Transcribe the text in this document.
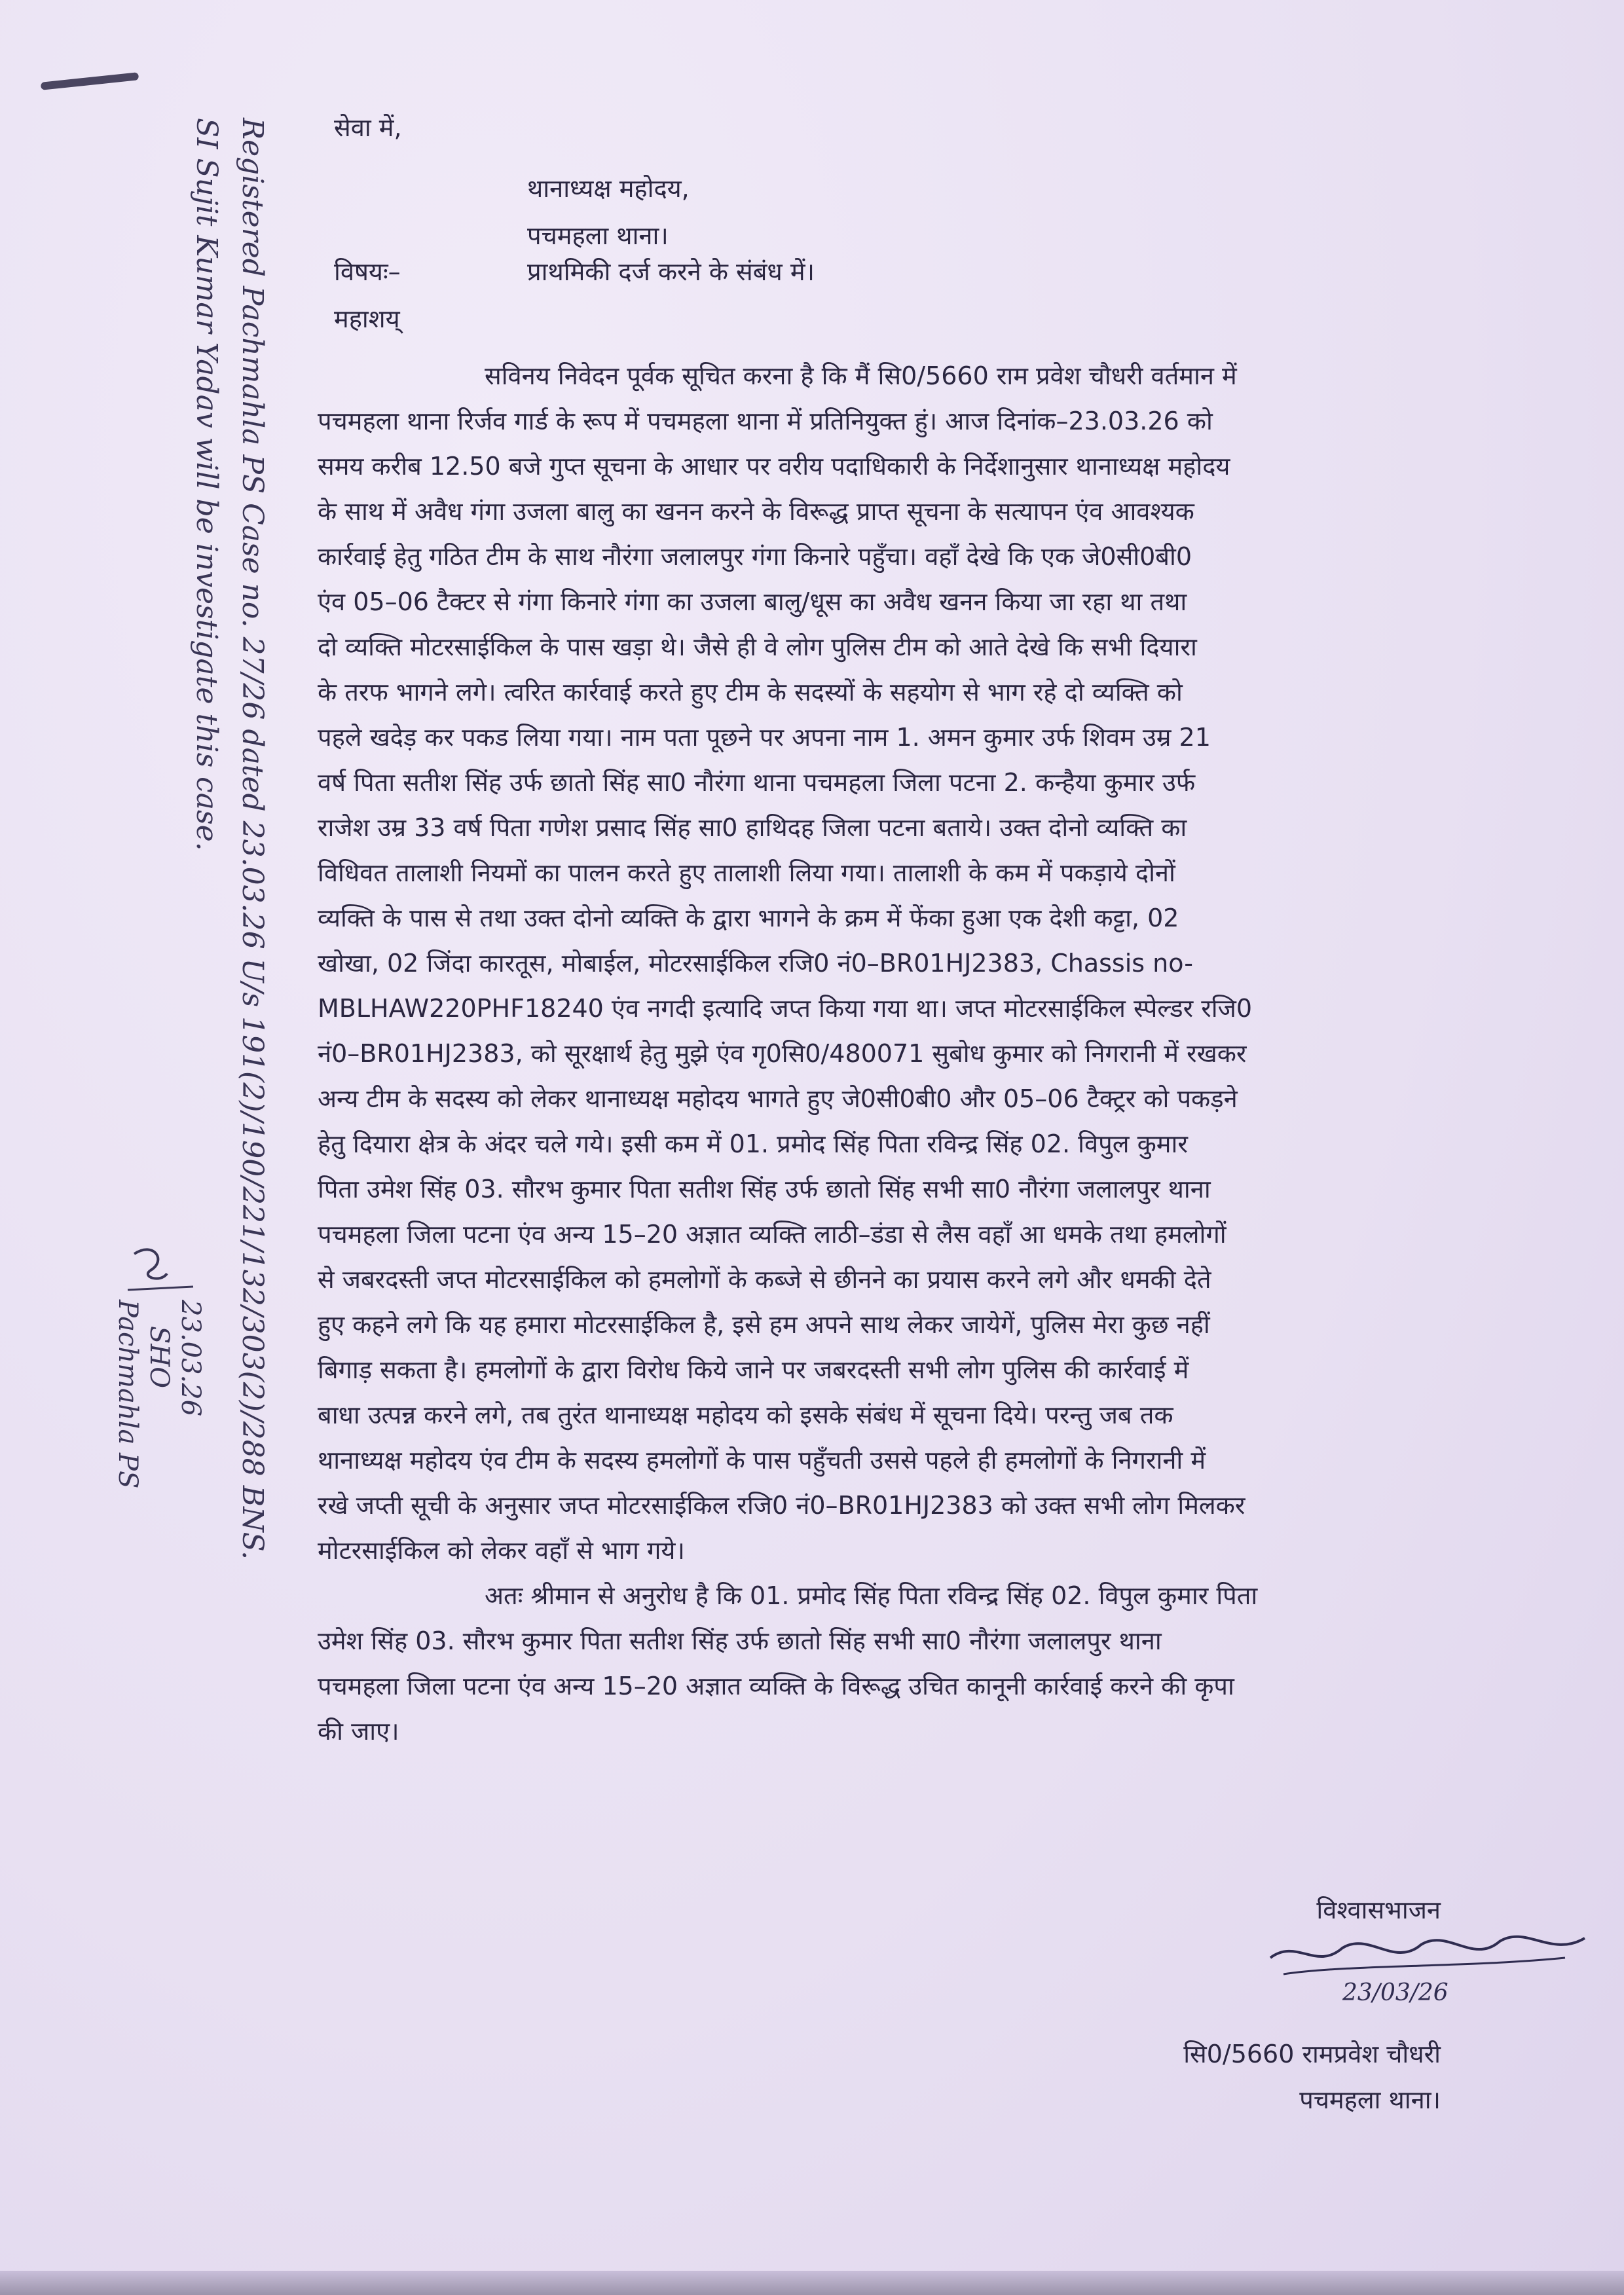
Registered Pachmahla PS Case no. 27/26 dated 23.03.26 U/s 191(2)/190/221/132/303(2)/288 BNS.
SI Sujit Kumar Yadav will be investigate this case.
23.03.26
SHO
Pachmahla PS
सेवा में,
थानाध्यक्ष महोदय,
पचमहला थाना।
विषयः–	प्राथमिकी दर्ज करने के संबंध में।
महाशय्
सविनय निवेदन पूर्वक सूचित करना है कि मैं सि0/5660 राम प्रवेश चौधरी वर्तमान में
पचमहला थाना रिर्जव गार्ड के रूप में पचमहला थाना में प्रतिनियुक्त हुं। आज दिनांक–23.03.26 को
समय करीब 12.50 बजे गुप्त सूचना के आधार पर वरीय पदाधिकारी के निर्देशानुसार थानाध्यक्ष महोदय
के साथ में अवैध गंगा उजला बालु का खनन करने के विरूद्ध प्राप्त सूचना के सत्यापन एंव आवश्यक
कार्रवाई हेतु गठित टीम के साथ नौरंगा जलालपुर गंगा किनारे पहुँचा। वहाँ देखे कि एक जे0सी0बी0
एंव 05–06 टैक्टर से गंगा किनारे गंगा का उजला बालु/धूस का अवैध खनन किया जा रहा था तथा
दो व्यक्ति मोटरसाईकिल के पास खड़ा थे। जैसे ही वे लोग पुलिस टीम को आते देखे कि सभी दियारा
के तरफ भागने लगे। त्वरित कार्रवाई करते हुए टीम के सदस्यों के सहयोग से भाग रहे दो व्यक्ति को
पहले खदेड़ कर पकड लिया गया। नाम पता पूछने पर अपना नाम 1. अमन कुमार उर्फ शिवम उम्र 21
वर्ष पिता सतीश सिंह उर्फ छातो सिंह सा0 नौरंगा थाना पचमहला जिला पटना 2. कन्हैया कुमार उर्फ
राजेश उम्र 33 वर्ष पिता गणेश प्रसाद सिंह सा0 हाथिदह जिला पटना बताये। उक्त दोनो व्यक्ति का
विधिवत तालाशी नियमों का पालन करते हुए तालाशी लिया गया। तालाशी के कम में पकड़ाये दोनों
व्यक्ति के पास से तथा उक्त दोनो व्यक्ति के द्वारा भागने के क्रम में फेंका हुआ एक देशी कट्टा, 02
खोखा, 02 जिंदा कारतूस, मोबाईल, मोटरसाईकिल रजि0 नं0–BR01HJ2383, Chassis no-
MBLHAW220PHF18240 एंव नगदी इत्यादि जप्त किया गया था। जप्त मोटरसाईकिल स्पेल्डर रजि0
नं0–BR01HJ2383, को सूरक्षार्थ हेतु मुझे एंव गृ0सि0/480071 सुबोध कुमार को निगरानी में रखकर
अन्य टीम के सदस्य को लेकर थानाध्यक्ष महोदय भागते हुए जे0सी0बी0 और 05–06 टैक्ट्रर को पकड़ने
हेतु दियारा क्षेत्र के अंदर चले गये। इसी कम में 01. प्रमोद सिंह पिता रविन्द्र सिंह 02. विपुल कुमार
पिता उमेश सिंह 03. सौरभ कुमार पिता सतीश सिंह उर्फ छातो सिंह सभी सा0 नौरंगा जलालपुर थाना
पचमहला जिला पटना एंव अन्य 15–20 अज्ञात व्यक्ति लाठी–डंडा से लैस वहाँ आ धमके तथा हमलोगों
से जबरदस्ती जप्त मोटरसाईकिल को हमलोगों के कब्जे से छीनने का प्रयास करने लगे और धमकी देते
हुए कहने लगे कि यह हमारा मोटरसाईकिल है, इसे हम अपने साथ लेकर जायेगें, पुलिस मेरा कुछ नहीं
बिगाड़ सकता है। हमलोगों के द्वारा विरोध किये जाने पर जबरदस्ती सभी लोग पुलिस की कार्रवाई में
बाधा उत्पन्न करने लगे, तब तुरंत थानाध्यक्ष महोदय को इसके संबंध में सूचना दिये। परन्तु जब तक
थानाध्यक्ष महोदय एंव टीम के सदस्य हमलोगों के पास पहुँचती उससे पहले ही हमलोगों के निगरानी में
रखे जप्ती सूची के अनुसार जप्त मोटरसाईकिल रजि0 नं0–BR01HJ2383 को उक्त सभी लोग मिलकर
मोटरसाईकिल को लेकर वहाँ से भाग गये।
अतः श्रीमान से अनुरोध है कि 01. प्रमोद सिंह पिता रविन्द्र सिंह 02. विपुल कुमार पिता
उमेश सिंह 03. सौरभ कुमार पिता सतीश सिंह उर्फ छातो सिंह सभी सा0 नौरंगा जलालपुर थाना
पचमहला जिला पटना एंव अन्य 15–20 अज्ञात व्यक्ति के विरूद्ध उचित कानूनी कार्रवाई करने की कृपा
की जाए।
विश्वासभाजन
सि0/5660 रामप्रवेश चौधरी
पचमहला थाना।
23/03/26
